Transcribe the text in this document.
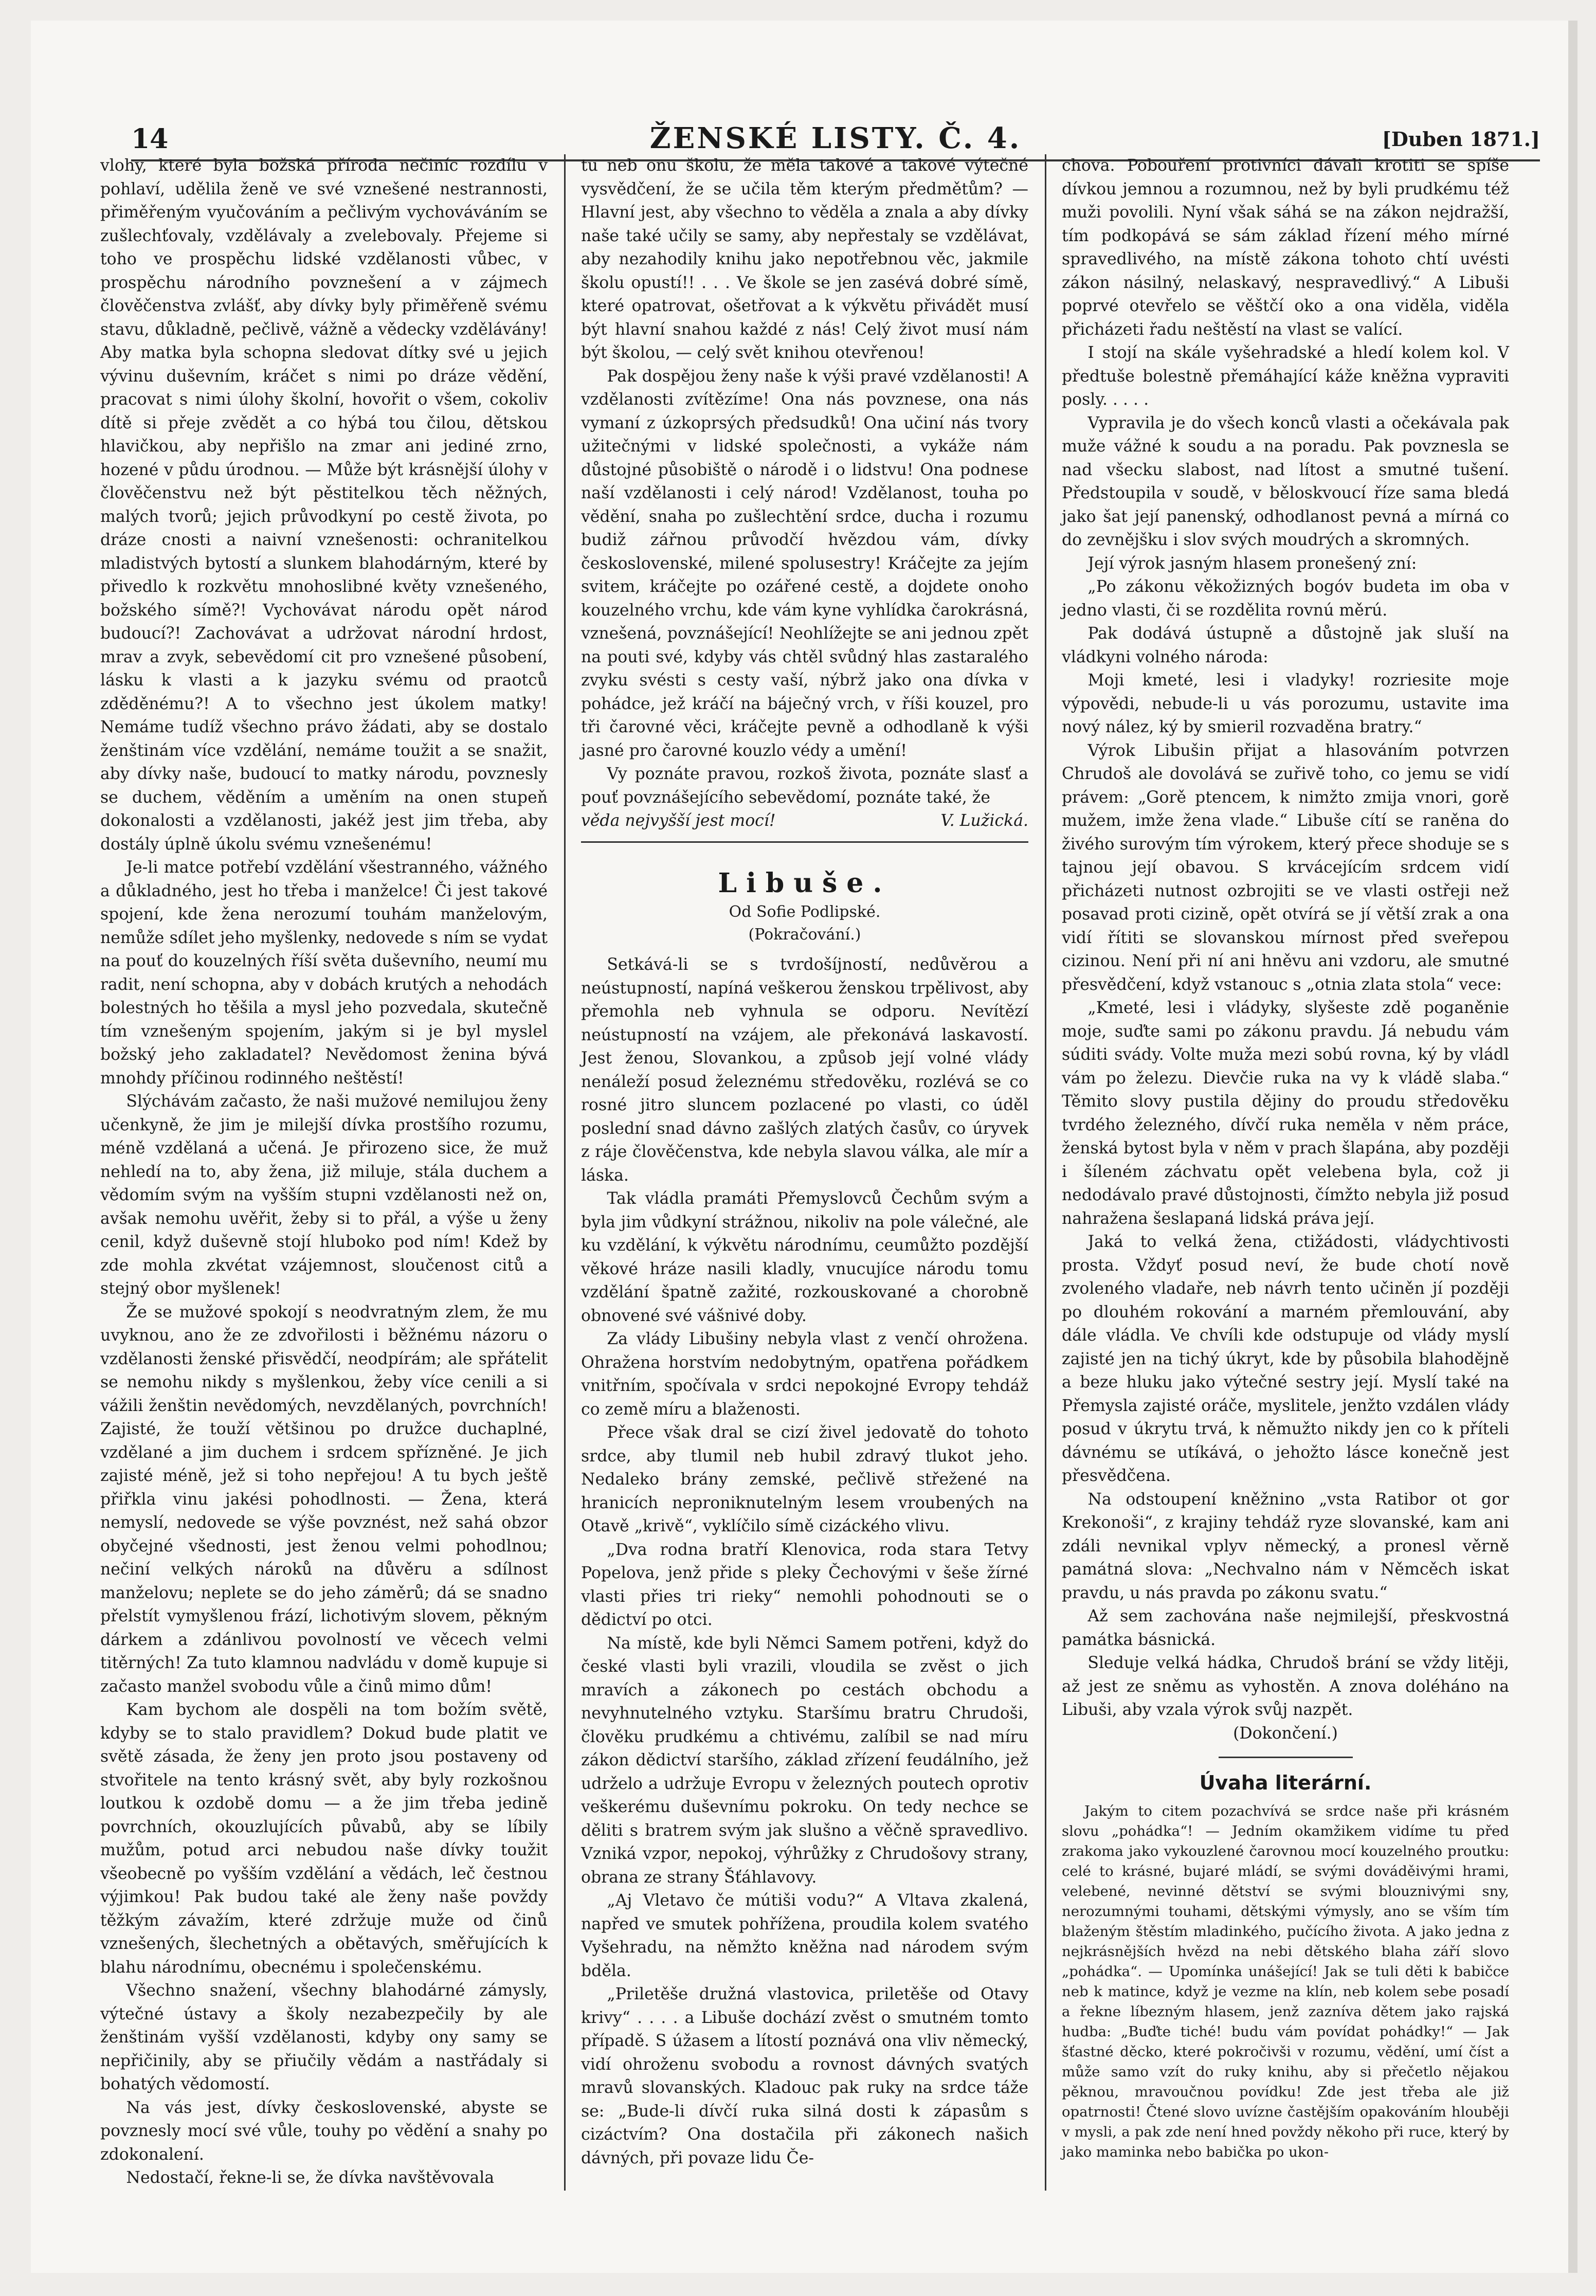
14	ŽENSKÉ LISTY. Č. 4.	[Duben 1871.]

vlohy, které byla božská příroda nečiníc rozdílu v pohlaví, udělila ženě ve své vznešené nestrannosti, přiměřeným vyučováním a pečlivým vychováváním se zušlechťovaly, vzdělávaly a zvelebovaly. Přejeme si toho ve prospěchu lidské vzdělanosti vůbec, v prospěchu národního povznešení a v zájmech člověčenstva zvlášť, aby dívky byly přiměřeně svému stavu, důkladně, pečlivě, vážně a vědecky vzdělávány! Aby matka byla schopna sledovat dítky své u jejich vývinu duševním, kráčet s nimi po dráze vědění, pracovat s nimi úlohy školní, hovořit o všem, cokoliv dítě si přeje zvědět a co hýbá tou čilou, dětskou hlavičkou, aby nepřišlo na zmar ani jediné zrno, hozené v půdu úrodnou. — Může být krásnější úlohy v člověčenstvu než být pěstitelkou těch něžných, malých tvorů; jejich průvodkyní po cestě života, po dráze cnosti a naivní vznešenosti: ochranitelkou mladistvých bytostí a slunkem blahodárným, které by přivedlo k rozkvětu mnohoslibné květy vznešeného, božského símě?! Vychovávat národu opět národ budoucí?! Zachovávat a udržovat národní hrdost, mrav a zvyk, sebevědomí cit pro vznešené působení, lásku k vlasti a k jazyku svému od praotců zděděnému?! A to všechno jest úkolem matky! Nemáme tudíž všechno právo žádati, aby se dostalo ženštinám více vzdělání, nemáme toužit a se snažit, aby dívky naše, budoucí to matky národu, povznesly se duchem, věděním a uměním na onen stupeň dokonalosti a vzdělanosti, jakéž jest jim třeba, aby dostály úplně úkolu svému vznešenému!

Je-li matce potřebí vzdělání všestranného, vážného a důkladného, jest ho třeba i manželce! Či jest takové spojení, kde žena nerozumí touhám manželovým, nemůže sdílet jeho myšlenky, nedovede s ním se vydat na pouť do kouzelných říší světa duševního, neumí mu radit, není schopna, aby v dobách krutých a nehodách bolestných ho těšila a mysl jeho pozvedala, skutečně tím vznešeným spojením, jakým si je byl myslel božský jeho zakladatel? Nevědomost ženina bývá mnohdy příčinou rodinného neštěstí!

Slýchávám začasto, že naši mužové nemilujou ženy učenkyně, že jim je milejší dívka prostšího rozumu, méně vzdělaná a učená. Je přirozeno sice, že muž nehledí na to, aby žena, již miluje, stála duchem a vědomím svým na vyšším stupni vzdělanosti než on, avšak nemohu uvěřit, žeby si to přál, a výše u ženy cenil, když duševně stojí hluboko pod ním! Kdež by zde mohla zkvétat vzájemnost, sloučenost citů a stejný obor myšlenek!

Že se mužové spokojí s neodvratným zlem, že mu uvyknou, ano že ze zdvořilosti i běžnému názoru o vzdělanosti ženské přisvědčí, neodpírám; ale spřátelit se nemohu nikdy s myšlenkou, žeby více cenili a si vážili ženštin nevědomých, nevzdělaných, povrchních! Zajisté, že touží většinou po družce duchaplné, vzdělané a jim duchem i srdcem spřízněné. Je jich zajisté méně, jež si toho nepřejou! A tu bych ještě přiřkla vinu jakési pohodlnosti. — Žena, která nemyslí, nedovede se výše povznést, než sahá obzor obyčejné všednosti, jest ženou velmi pohodlnou; nečiní velkých nároků na důvěru a sdílnost manželovu; neplete se do jeho záměrů; dá se snadno přelstít vymyšlenou frází, lichotivým slovem, pěkným dárkem a zdánlivou povolností ve věcech velmi titěrných! Za tuto klamnou nadvládu v domě kupuje si začasto manžel svobodu vůle a činů mimo dům!

Kam bychom ale dospěli na tom božím světě, kdyby se to stalo pravidlem? Dokud bude platit ve světě zásada, že ženy jen proto jsou postaveny od stvořitele na tento krásný svět, aby byly rozkošnou loutkou k ozdobě domu — a že jim třeba jedině povrchních, okouzlujících půvabů, aby se líbily mužům, potud arci nebudou naše dívky toužit všeobecně po vyšším vzdělání a vědách, leč čestnou výjimkou! Pak budou také ale ženy naše povždy těžkým závažím, které zdržuje muže od činů vznešených, šlechetných a obětavých, směřujících k blahu národnímu, obecnému i společenskému.

Všechno snažení, všechny blahodárné zámysly, výtečné ústavy a školy nezabezpečily by ale ženštinám vyšší vzdělanosti, kdyby ony samy se nepřičinily, aby se přiučily vědám a nastřádaly si bohatých vědomostí.

Na vás jest, dívky československé, abyste se povznesly mocí své vůle, touhy po vědění a snahy po zdokonalení.

Nedostačí, řekne-li se, že dívka navštěvovala

tu neb onu školu, že měla takové a takové výtečné vysvědčení, že se učila těm kterým předmětům? — Hlavní jest, aby všechno to věděla a znala a aby dívky naše také učily se samy, aby nepřestaly se vzdělávat, aby nezahodily knihu jako nepotřebnou věc, jakmile školu opustí!! . . . Ve škole se jen zasévá dobré símě, které opatrovat, ošetřovat a k výkvětu přivádět musí být hlavní snahou každé z nás! Celý život musí nám být školou, — celý svět knihou otevřenou!

Pak dospějou ženy naše k výši pravé vzdělanosti! A vzdělanosti zvítězíme! Ona nás povznese, ona nás vymaní z úzkoprsých předsudků! Ona učiní nás tvory užitečnými v lidské společnosti, a vykáže nám důstojné působiště o národě i o lidstvu! Ona podnese naší vzdělanosti i celý národ! Vzdělanost, touha po vědění, snaha po zušlechtění srdce, ducha i rozumu budiž zářnou průvodčí hvězdou vám, dívky československé, milené spolusestry! Kráčejte za jejím svitem, kráčejte po ozářené cestě, a dojdete onoho kouzelného vrchu, kde vám kyne vyhlídka čarokrásná, vznešená, povznášející! Neohlížejte se ani jednou zpět na pouti své, kdyby vás chtěl svůdný hlas zastaralého zvyku svésti s cesty vaší, nýbrž jako ona dívka v pohádce, jež kráčí na báječný vrch, v říši kouzel, pro tři čarovné věci, kráčejte pevně a odhodlaně k výši jasné pro čarovné kouzlo védy a umění!

Vy poznáte pravou, rozkoš života, poznáte slasť a pouť povznášejícího sebevědomí, poznáte také, že

věda nejvyšší jest mocí!	V. Lužická.
Libuše.
Od Sofie Podlipské.
(Pokračování.)

Setkává-li se s tvrdošíjností, nedůvěrou a neústupností, napíná veškerou ženskou trpělivost, aby přemohla neb vyhnula se odporu. Nevítězí neústupností na vzájem, ale překonává laskavostí. Jest ženou, Slovankou, a způsob její volné vlády nenáleží posud železnému středověku, rozlévá se co rosné jitro sluncem pozlacené po vlasti, co úděl poslední snad dávno zašlých zlatých časův, co úryvek z ráje člověčenstva, kde nebyla slavou válka, ale mír a láska.

Tak vládla pramáti Přemyslovců Čechům svým a byla jim vůdkyní strážnou, nikoliv na pole válečné, ale ku vzdělání, k výkvětu národnímu, ceumůžto pozdější věkové hráze nasili kladly, vnucujíce národu tomu vzdělání špatně zažité, rozkouskované a chorobně obnovené své vášnivé doby.

Za vlády Libušiny nebyla vlast z venčí ohrožena. Ohražena horstvím nedobytným, opatřena pořádkem vnitřním, spočívala v srdci nepokojné Evropy tehdáž co země míru a blaženosti.

Přece však dral se cizí živel jedovatě do tohoto srdce, aby tlumil neb hubil zdravý tlukot jeho. Nedaleko brány zemské, pečlivě střežené na hranicích neproniknutelným lesem vroubených na Otavě „krivě“, vyklíčilo símě cizáckého vlivu.

„Dva rodna bratří Klenovica, roda stara Tetvy Popelova, jenž přide s pleky Čechovými v šeše žírné vlasti přies tri rieky“ nemohli pohodnouti se o dědictví po otci.

Na místě, kde byli Němci Samem potřeni, když do české vlasti byli vrazili, vloudila se zvěst o jich mravích a zákonech po cestách obchodu a nevyhnutelného vztyku. Staršímu bratru Chrudoši, člověku prudkému a chtivému, zalíbil se nad míru zákon dědictví staršího, základ zřízení feudálního, jež udrželo a udržuje Evropu v železných poutech oprotiv veškerému duševnímu pokroku. On tedy nechce se děliti s bratrem svým jak slušno a věčně spravedlivo. Vzniká vzpor, nepokoj, výhrůžky z Chrudošovy strany, obrana ze strany Šťáhlavovy.

„Aj Vletavo če mútiši vodu?“ A Vltava zkalená, napřed ve smutek pohřížena, proudila kolem svatého Vyšehradu, na němžto kněžna nad národem svým bděla.

„Priletěše družná vlastovica, priletěše od Otavy krivy“ . . . . a Libuše dochází zvěst o smutném tomto případě. S úžasem a lítostí poznává ona vliv německý, vidí ohroženu svobodu a rovnost dávných svatých mravů slovanských. Kladouc pak ruky na srdce táže se: „Bude-li dívčí ruka silná dosti k zápasům s cizáctvím? Ona dostačila při zákonech našich dávných, při povaze lidu Če-

chova. Pobouření protivníci dávali krotiti se spíše dívkou jemnou a rozumnou, než by byli prudkému též muži povolili. Nyní však sáhá se na zákon nejdražší, tím podkopává se sám základ řízení mého mírné spravedlivého, na místě zákona tohoto chtí uvésti zákon násilný, nelaskavý, nespravedlivý.“ A Libuši poprvé otevřelo se věštčí oko a ona viděla, viděla přicházeti řadu neštěstí na vlast se valící.

I stojí na skále vyšehradské a hledí kolem kol. V předtuše bolestně přemáhající káže kněžna vypraviti posly. . . . .

Vypravila je do všech konců vlasti a očekávala pak muže vážné k soudu a na poradu. Pak povznesla se nad všecku slabost, nad lítost a smutné tušení. Předstoupila v soudě, v běloskvoucí říze sama bledá jako šat její panenský, odhodlanost pevná a mírná co do zevnějšku i slov svých moudrých a skromných.

Její výrok jasným hlasem pronešený zní:

„Po zákonu věkožizných bogóv budeta im oba v jedno vlasti, či se rozdělita rovnú měrú.

Pak dodává ústupně a důstojně jak sluší na vládkyni volného národa:

Moji kmeté, lesi i vladyky! rozriesite moje výpovědi, nebude-li u vás porozumu, ustavite ima nový nález, ký by smieril rozvaděna bratry.“

Výrok Libušin přijat a hlasováním potvrzen Chrudoš ale dovolává se zuřivě toho, co jemu se vidí právem: „Gorě ptencem, k nimžto zmija vnori, gorě mužem, imže žena vlade.“ Libuše cítí se raněna do živého surovým tím výrokem, který přece shoduje se s tajnou její obavou. S krvácejícím srdcem vidí přicházeti nutnost ozbrojiti se ve vlasti ostřeji než posavad proti cizině, opět otvírá se jí větší zrak a ona vidí řítiti se slovanskou mírnost před sveřepou cizinou. Není při ní ani hněvu ani vzdoru, ale smutné přesvědčení, když vstanouc s „otnia zlata stola“ vece:

„Kmeté, lesi i vládyky, slyšeste zdě poganěnie moje, suďte sami po zákonu pravdu. Já nebudu vám súditi svády. Volte muža mezi sobú rovna, ký by vládl vám po železu. Dievčie ruka na vy k vládě slaba.“ Těmito slovy pustila dějiny do proudu středověku tvrdého železného, dívčí ruka neměla v něm práce, ženská bytost byla v něm v prach šlapána, aby později i šíleném záchvatu opět velebena byla, což ji nedodávalo pravé důstojnosti, čímžto nebyla již posud nahražena šeslapaná lidská práva její.

Jaká to velká žena, ctižádosti, vládychtivosti prosta. Vždyť posud neví, že bude chotí nově zvoleného vladaře, neb návrh tento učiněn jí později po dlouhém rokování a marném přemlouvání, aby dále vládla. Ve chvíli kde odstupuje od vlády myslí zajisté jen na tichý úkryt, kde by působila blahodějně a beze hluku jako výtečné sestry její. Myslí také na Přemysla zajisté oráče, myslitele, jenžto vzdálen vlády posud v úkrytu trvá, k němužto nikdy jen co k příteli dávnému se utíkává, o jehožto lásce konečně jest přesvědčena.

Na odstoupení kněžnino „vsta Ratibor ot gor Krekonoši“, z krajiny tehdáž ryze slovanské, kam ani zdáli nevnikal vplyv německý, a pronesl věrně památná slova: „Nechvalno nám v Němcěch iskat pravdu, u nás pravda po zákonu svatu.“

Až sem zachována naše nejmilejší, přeskvostná památka básnická.

Sleduje velká hádka, Chrudoš brání se vždy litěji, až jest ze sněmu as vyhostěn. A znova doléháno na Libuši, aby vzala výrok svůj nazpět.

(Dokončení.)

Úvaha literární.

Jakým to citem pozachvívá se srdce naše při krásném slovu „pohádka“! — Jedním okamžikem vidíme tu před zrakoma jako vykouzlené čarovnou mocí kouzelného proutku: celé to krásné, bujaré mládí, se svými dováděivými hrami, velebené, nevinné dětství se svými blouznivými sny, nerozumnými touhami, dětskými výmysly, ano se vším tím blaženým štěstím mladinkého, pučícího života. A jako jedna z nejkrásnějších hvězd na nebi dětského blaha září slovo „pohádka“. — Upomínka unášející! Jak se tuli děti k babičce neb k matince, když je vezme na klín, neb kolem sebe posadí a řekne líbezným hlasem, jenž zazníva dětem jako rajská hudba: „Buďte tiché! budu vám povídat pohádky!“ — Jak šťastné děcko, které pokročivši v rozumu, vědění, umí číst a může samo vzít do ruky knihu, aby si přečetlo nějakou pěknou, mravoučnou povídku! Zde jest třeba ale již opatrnosti! Čtené slovo uvízne častějším opakováním hlouběji v mysli, a pak zde není hned povždy někoho při ruce, který by jako maminka nebo babička po ukon-
